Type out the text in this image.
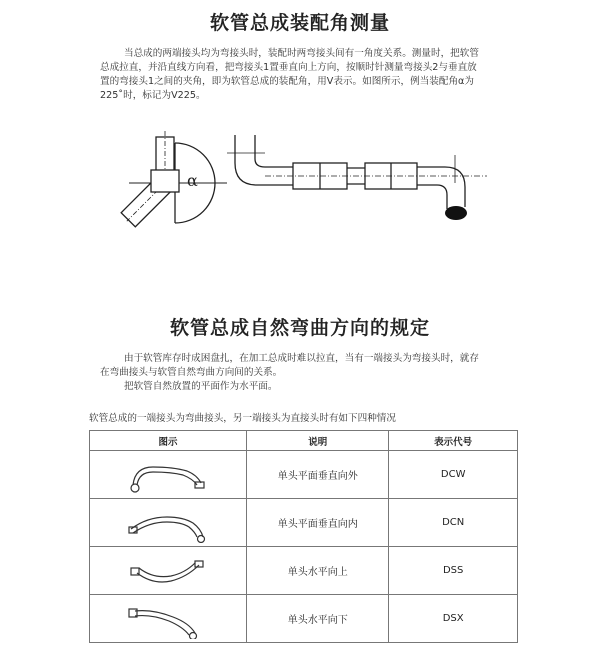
软管总成装配角测量

当总成的两端接头均为弯接头时，装配时两弯接头间有一角度关系。测量时，把软管

总成拉直，并沿直线方向看，把弯接头1置垂直向上方向，按顺时针测量弯接头2与垂直放

置的弯接头1之间的夹角，即为软管总成的装配角，用V表示。如图所示，例当装配角α为

225˚时，标记为V225。

α
软管总成自然弯曲方向的规定

由于软管库存时成困盘扎，在加工总成时难以拉直，当有一端接头为弯接头时，就存

在弯曲接头与软管自然弯曲方向间的关系。

把软管自然放置的平面作为水平面。

软管总成的一端接头为弯曲接头，另一端接头为直接头时有如下四种情况
图示	说明	表示代号

	单头平面垂直向外	DCW

	单头平面垂直向内	DCN

	单头水平向上	DSS

	单头水平向下	DSX
